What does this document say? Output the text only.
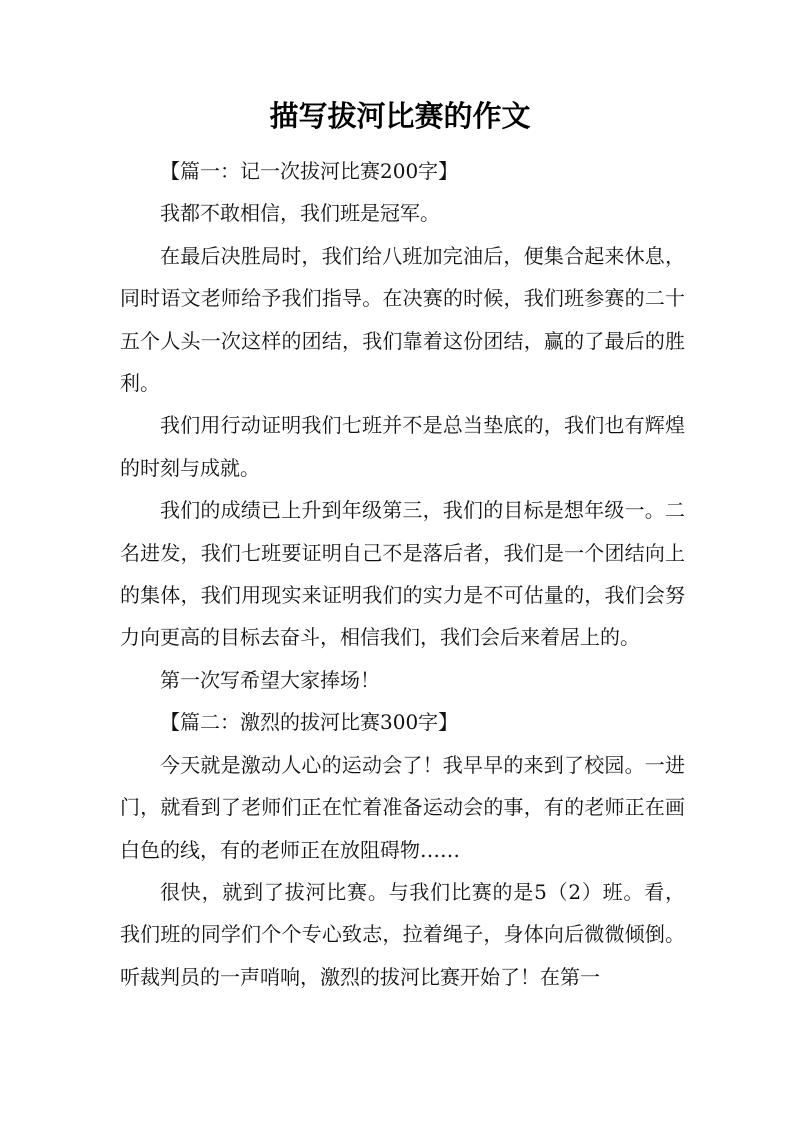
描写拔河比赛的作文

【篇一：记一次拔河比赛200字】

我都不敢相信，我们班是冠军。

在最后决胜局时，我们给八班加完油后，便集合起来休息，同时语文老师给予我们指导。在决赛的时候，我们班参赛的二十五个人头一次这样的团结，我们靠着这份团结，赢的了最后的胜利。

我们用行动证明我们七班并不是总当垫底的，我们也有辉煌的时刻与成就。

我们的成绩已上升到年级第三，我们的目标是想年级一。二名进发，我们七班要证明自己不是落后者，我们是一个团结向上的集体，我们用现实来证明我们的实力是不可估量的，我们会努力向更高的目标去奋斗，相信我们，我们会后来着居上的。

第一次写希望大家捧场！

【篇二：激烈的拔河比赛300字】

今天就是激动人心的运动会了！我早早的来到了校园。一进门，就看到了老师们正在忙着准备运动会的事，有的老师正在画白色的线，有的老师正在放阻碍物……

很快，就到了拔河比赛。与我们比赛的是5（2）班。看，我们班的同学们个个专心致志，拉着绳子，身体向后微微倾倒。听裁判员的一声哨响，激烈的拔河比赛开始了！在第一
